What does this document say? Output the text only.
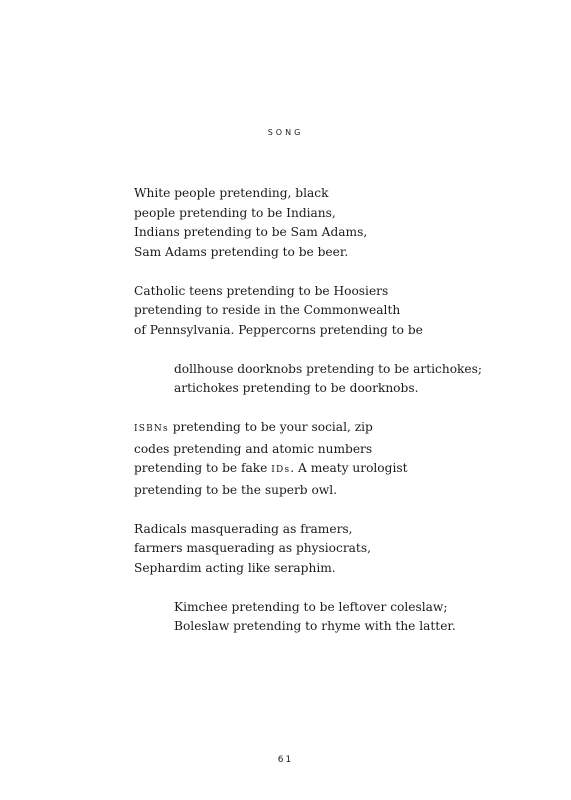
SONG
White people pretending, black
people pretending to be Indians,
Indians pretending to be Sam Adams,
Sam Adams pretending to be beer.
Catholic teens pretending to be Hoosiers
pretending to reside in the Commonwealth
of Pennsylvania. Peppercorns pretending to be
dollhouse doorknobs pretending to be artichokes;
artichokes pretending to be doorknobs.
ISBNs pretending to be your social, zip
codes pretending and atomic numbers
pretending to be fake IDs. A meaty urologist
pretending to be the superb owl.
Radicals masquerading as framers,
farmers masquerading as physiocrats,
Sephardim acting like seraphim.
Kimchee pretending to be leftover coleslaw;
Boleslaw pretending to rhyme with the latter.
61
